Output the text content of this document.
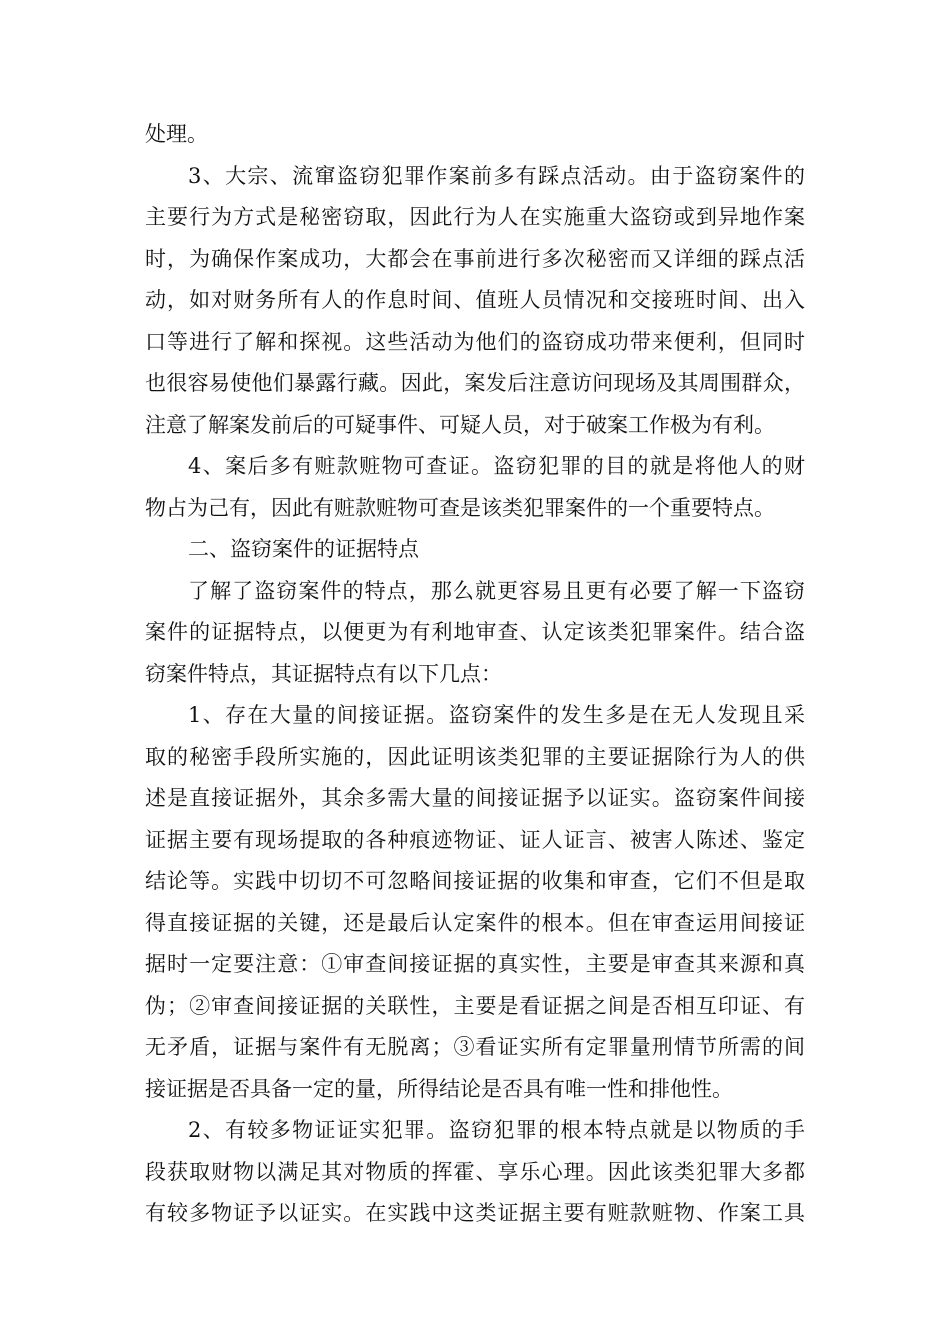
处理。

3、大宗、流窜盗窃犯罪作案前多有踩点活动。由于盗窃案件的

主要行为方式是秘密窃取，因此行为人在实施重大盗窃或到异地作案

时，为确保作案成功，大都会在事前进行多次秘密而又详细的踩点活

动，如对财务所有人的作息时间、值班人员情况和交接班时间、出入

口等进行了解和探视。这些活动为他们的盗窃成功带来便利，但同时

也很容易使他们暴露行藏。因此，案发后注意访问现场及其周围群众，

注意了解案发前后的可疑事件、可疑人员，对于破案工作极为有利。

4、案后多有赃款赃物可查证。盗窃犯罪的目的就是将他人的财

物占为己有，因此有赃款赃物可查是该类犯罪案件的一个重要特点。

二、盗窃案件的证据特点

了解了盗窃案件的特点，那么就更容易且更有必要了解一下盗窃

案件的证据特点，以便更为有利地审查、认定该类犯罪案件。结合盗

窃案件特点，其证据特点有以下几点：

1、存在大量的间接证据。盗窃案件的发生多是在无人发现且采

取的秘密手段所实施的，因此证明该类犯罪的主要证据除行为人的供

述是直接证据外，其余多需大量的间接证据予以证实。盗窃案件间接

证据主要有现场提取的各种痕迹物证、证人证言、被害人陈述、鉴定

结论等。实践中切切不可忽略间接证据的收集和审查，它们不但是取

得直接证据的关键，还是最后认定案件的根本。但在审查运用间接证

据时一定要注意：①审查间接证据的真实性，主要是审查其来源和真

伪；②审查间接证据的关联性，主要是看证据之间是否相互印证、有

无矛盾，证据与案件有无脱离；③看证实所有定罪量刑情节所需的间

接证据是否具备一定的量，所得结论是否具有唯一性和排他性。

2、有较多物证证实犯罪。盗窃犯罪的根本特点就是以物质的手

段获取财物以满足其对物质的挥霍、享乐心理。因此该类犯罪大多都

有较多物证予以证实。在实践中这类证据主要有赃款赃物、作案工具
